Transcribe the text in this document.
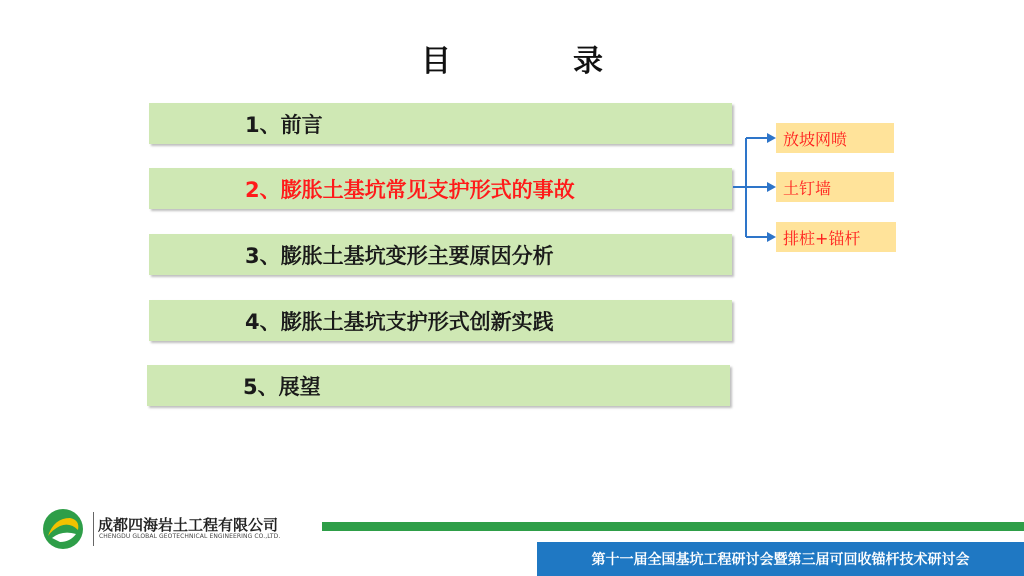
目　录
1、前言
2、膨胀土基坑常见支护形式的事故
3、膨胀土基坑变形主要原因分析
4、膨胀土基坑支护形式创新实践
5、展望
放坡网喷
土钉墙
排桩+锚杆
成都四海岩土工程有限公司
CHENGDU GLOBAL GEOTECHNICAL ENGINEERING CO.,LTD.
第十一届全国基坑工程研讨会暨第三届可回收锚杆技术研讨会
